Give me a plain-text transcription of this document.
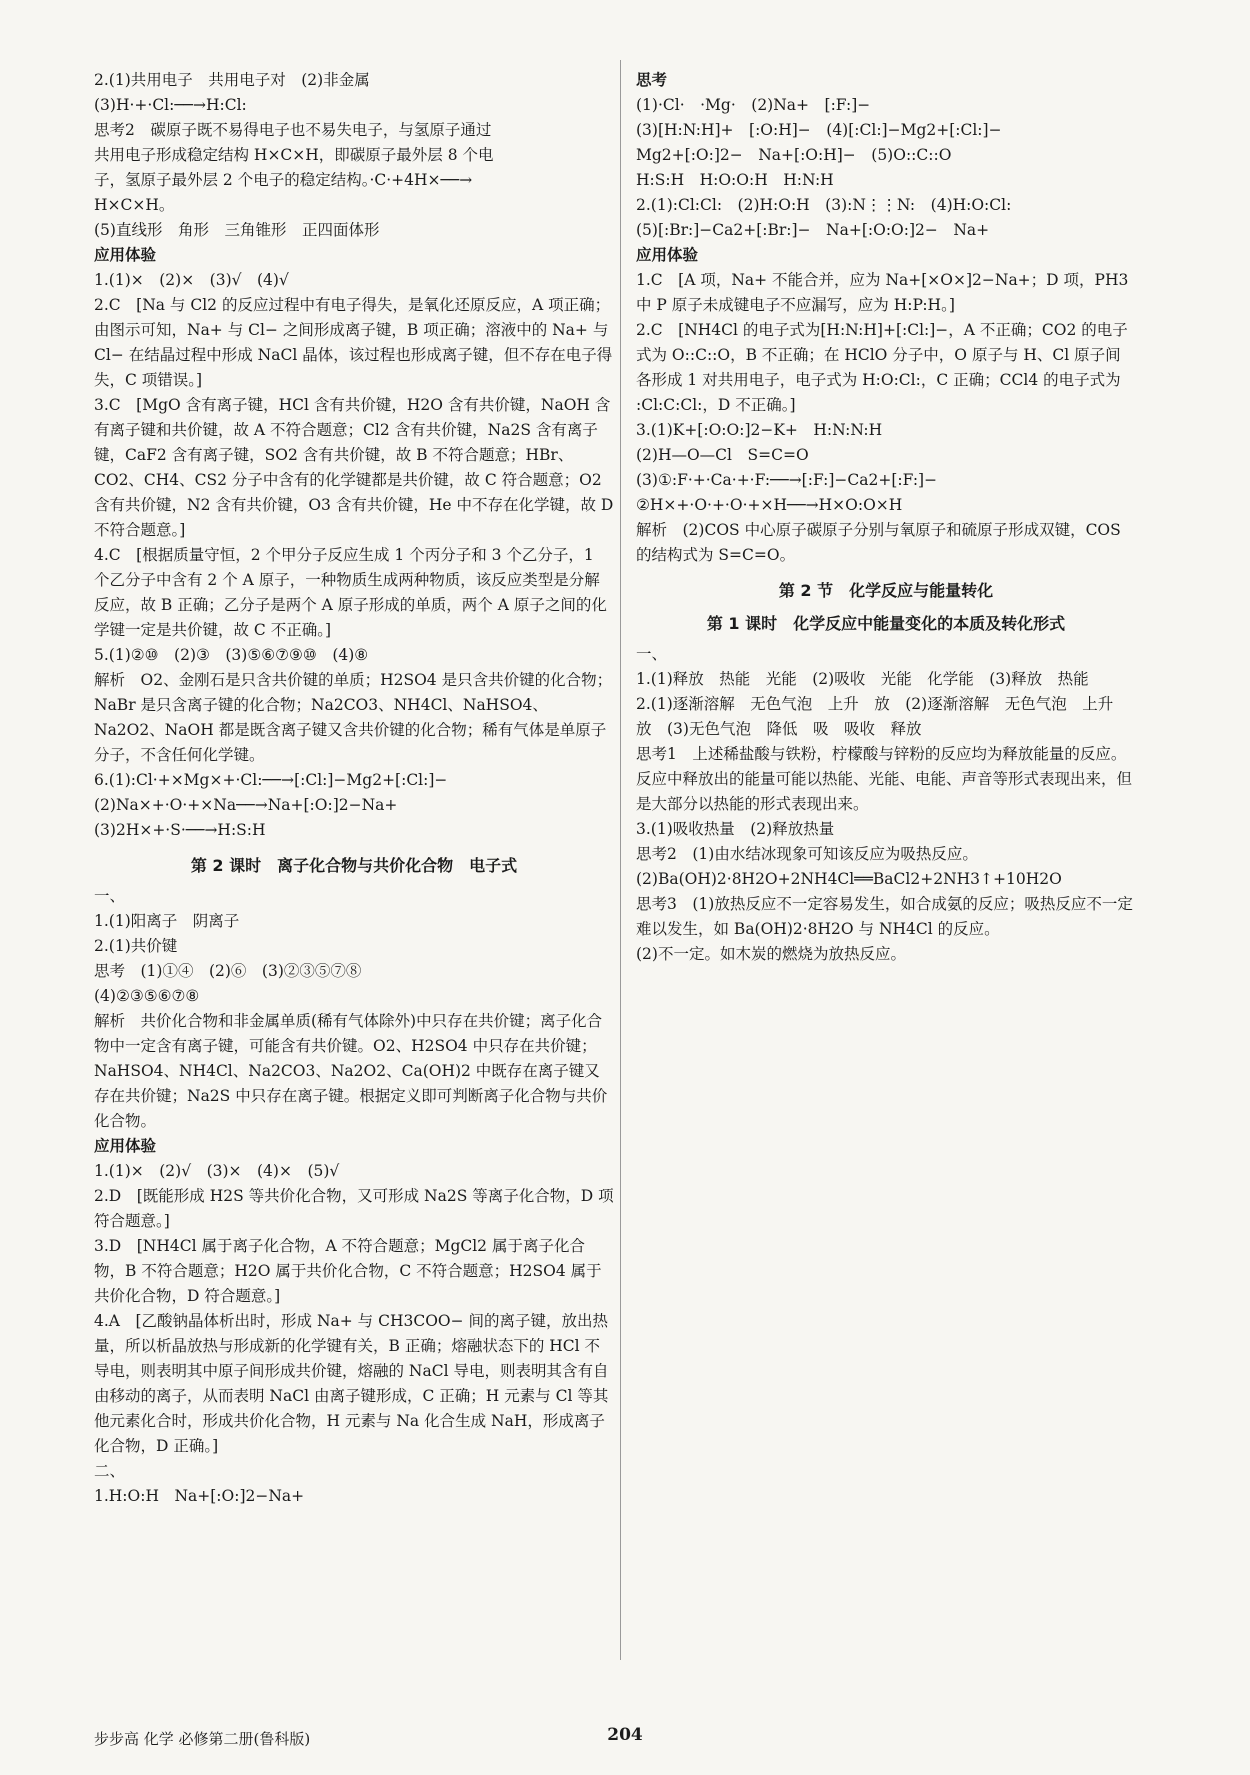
2.(1)共用电子　共用电子对　(2)非金属

(3)H·+·Cl:──→H:Cl:

思考2　碳原子既不易得电子也不易失电子，与氢原子通过

共用电子形成稳定结构 H×C×H，即碳原子最外层 8 个电

子，氢原子最外层 2 个电子的稳定结构。·C·+4H×──→

H×C×H。

(5)直线形　角形　三角锥形　正四面体形

应用体验

1.(1)×　(2)×　(3)√　(4)√

2.C　[Na 与 Cl2 的反应过程中有电子得失，是氧化还原反应，A 项正确；由图示可知，Na+ 与 Cl− 之间形成离子键，B 项正确；溶液中的 Na+ 与 Cl− 在结晶过程中形成 NaCl 晶体，该过程也形成离子键，但不存在电子得失，C 项错误。]

3.C　[MgO 含有离子键，HCl 含有共价键，H2O 含有共价键，NaOH 含有离子键和共价键，故 A 不符合题意；Cl2 含有共价键，Na2S 含有离子键，CaF2 含有离子键，SO2 含有共价键，故 B 不符合题意；HBr、CO2、CH4、CS2 分子中含有的化学键都是共价键，故 C 符合题意；O2 含有共价键，N2 含有共价键，O3 含有共价键，He 中不存在化学键，故 D 不符合题意。]

4.C　[根据质量守恒，2 个甲分子反应生成 1 个丙分子和 3 个乙分子，1 个乙分子中含有 2 个 A 原子，一种物质生成两种物质，该反应类型是分解反应，故 B 正确；乙分子是两个 A 原子形成的单质，两个 A 原子之间的化学键一定是共价键，故 C 不正确。]

5.(1)②⑩　(2)③　(3)⑤⑥⑦⑨⑩　(4)⑧

解析　O2、金刚石是只含共价键的单质；H2SO4 是只含共价键的化合物；NaBr 是只含离子键的化合物；Na2CO3、NH4Cl、NaHSO4、Na2O2、NaOH 都是既含离子键又含共价键的化合物；稀有气体是单原子分子，不含任何化学键。

6.(1):Cl·+×Mg×+·Cl:──→[:Cl:]−Mg2+[:Cl:]−

(2)Na×+·O·+×Na──→Na+[:O:]2−Na+

(3)2H×+·S·──→H:S:H

第 2 课时　离子化合物与共价化合物　电子式

一、

1.(1)阳离子　阴离子

2.(1)共价键

思考　(1)①④　(2)⑥　(3)②③⑤⑦⑧

(4)②③⑤⑥⑦⑧

解析　共价化合物和非金属单质(稀有气体除外)中只存在共价键；离子化合物中一定含有离子键，可能含有共价键。O2、H2SO4 中只存在共价键；NaHSO4、NH4Cl、Na2CO3、Na2O2、Ca(OH)2 中既存在离子键又存在共价键；Na2S 中只存在离子键。根据定义即可判断离子化合物与共价化合物。

应用体验

1.(1)×　(2)√　(3)×　(4)×　(5)√

2.D　[既能形成 H2S 等共价化合物，又可形成 Na2S 等离子化合物，D 项符合题意。]

3.D　[NH4Cl 属于离子化合物，A 不符合题意；MgCl2 属于离子化合物，B 不符合题意；H2O 属于共价化合物，C 不符合题意；H2SO4 属于共价化合物，D 符合题意。]

4.A　[乙酸钠晶体析出时，形成 Na+ 与 CH3COO− 间的离子键，放出热量，所以析晶放热与形成新的化学键有关，B 正确；熔融状态下的 HCl 不导电，则表明其中原子间形成共价键，熔融的 NaCl 导电，则表明其含有自由移动的离子，从而表明 NaCl 由离子键形成，C 正确；H 元素与 Cl 等其他元素化合时，形成共价化合物，H 元素与 Na 化合生成 NaH，形成离子化合物，D 正确。]

二、

1.H:O:H　Na+[:O:]2−Na+

思考

(1)·Cl·　·Mg·　(2)Na+　[:F:]−

(3)[H:N:H]+　[:O:H]−　(4)[:Cl:]−Mg2+[:Cl:]−

Mg2+[:O:]2−　Na+[:O:H]−　(5)O::C::O

H:S:H　H:O:O:H　H:N:H

2.(1):Cl:Cl:　(2)H:O:H　(3):N⋮⋮N:　(4)H:O:Cl:

(5)[:Br:]−Ca2+[:Br:]−　Na+[:O:O:]2−　Na+

应用体验

1.C　[A 项，Na+ 不能合并，应为 Na+[×O×]2−Na+；D 项，PH3 中 P 原子未成键电子不应漏写，应为 H:P:H。]

2.C　[NH4Cl 的电子式为[H:N:H]+[:Cl:]−，A 不正确；CO2 的电子式为 O::C::O，B 不正确；在 HClO 分子中，O 原子与 H、Cl 原子间各形成 1 对共用电子，电子式为 H:O:Cl:，C 正确；CCl4 的电子式为 :Cl:C:Cl:，D 不正确。]

3.(1)K+[:O:O:]2−K+　H:N:N:H

(2)H—O—Cl　S=C=O

(3)①:F·+·Ca·+·F:──→[:F:]−Ca2+[:F:]−

②H×+·O·+·O·+×H──→H×O:O×H

解析　(2)COS 中心原子碳原子分别与氧原子和硫原子形成双键，COS 的结构式为 S=C=O。

第 2 节　化学反应与能量转化

第 1 课时　化学反应中能量变化的本质及转化形式

一、

1.(1)释放　热能　光能　(2)吸收　光能　化学能　(3)释放　热能

2.(1)逐渐溶解　无色气泡　上升　放　(2)逐渐溶解　无色气泡　上升　放　(3)无色气泡　降低　吸　吸收　释放

思考1　上述稀盐酸与铁粉，柠檬酸与锌粉的反应均为释放能量的反应。反应中释放出的能量可能以热能、光能、电能、声音等形式表现出来，但是大部分以热能的形式表现出来。

3.(1)吸收热量　(2)释放热量

思考2　(1)由水结冰现象可知该反应为吸热反应。

(2)Ba(OH)2·8H2O+2NH4Cl══BaCl2+2NH3↑+10H2O

思考3　(1)放热反应不一定容易发生，如合成氨的反应；吸热反应不一定难以发生，如 Ba(OH)2·8H2O 与 NH4Cl 的反应。

(2)不一定。如木炭的燃烧为放热反应。

步步高 化学 必修第二册(鲁科版)	204
